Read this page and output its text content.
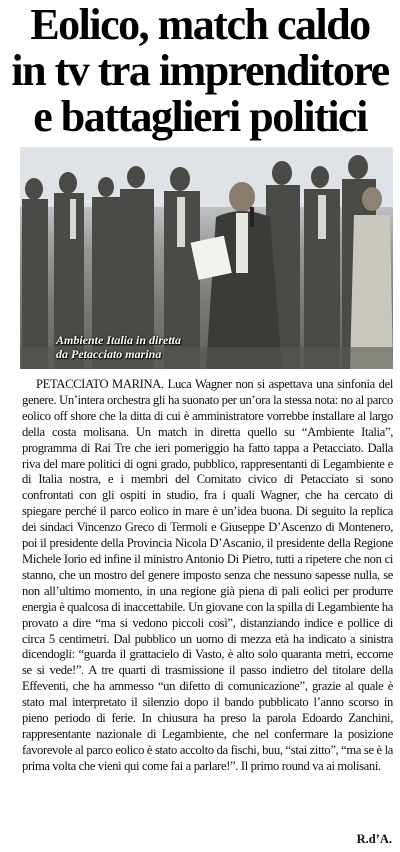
Eolico, match caldo
in tv tra imprenditore
e battaglieri politici
Ambiente Italia in diretta
da Petacciato marina

PETACCIATO MARINA. Luca Wagner non si aspettava una sinfonia del genere. Un’intera orchestra gli ha suonato per un’ora la stessa nota: no al parco eolico off shore che la ditta di cui è amministratore vorrebbe installare al largo della costa molisana. Un match in diretta quello su “Ambiente Italia”, programma di Rai Tre che ieri pomeriggio ha fatto tappa a Petacciato. Dalla riva del mare politici di ogni grado, pubblico, rappresentanti di Legambiente e di Italia nostra, e i membri del Comitato civico di Petacciato si sono confrontati con gli ospiti in studio, fra i quali Wagner, che ha cercato di spiegare perché il parco eolico in mare è un’idea buona. Di seguito la replica dei sindaci Vincenzo Greco di Termoli e Giuseppe D’Ascenzo di Montenero, poi il presidente della Provincia Nicola D’Ascanio, il presidente della Regione Michele Iorio ed infine il ministro Antonio Di Pietro, tutti a ripetere che non ci stanno, che un mostro del genere imposto senza che nessuno sapesse nulla, se non all’ultimo momento, in una regione già piena di pali eolici per produrre energia è qualcosa di inaccettabile. Un giovane con la spilla di Legambiente ha provato a dire “ma si vedono piccoli così”, distanziando indice e pollice di circa 5 centimetri. Dal pubblico un uomo di mezza età ha indicato a sinistra dicendogli: “guarda il grattacielo di Vasto, è alto solo quaranta metri, eccome se si vede!”. A tre quarti di trasmissione il passo indietro del titolare della Effeventi, che ha ammesso “un difetto di comunicazione”, grazie al quale è stato mal interpretato il silenzio dopo il bando pubblicato l’anno scorso in pieno periodo di ferie. In chiusura ha preso la parola Edoardo Zanchini, rappresentante nazionale di Legambiente, che nel confermare la posizione favorevole al parco eolico è stato accolto da fischi, buu, “stai zitto”, “ma se è la prima volta che vieni qui come fai a parlare!”. Il primo round va ai molisani.

R.d’A.
